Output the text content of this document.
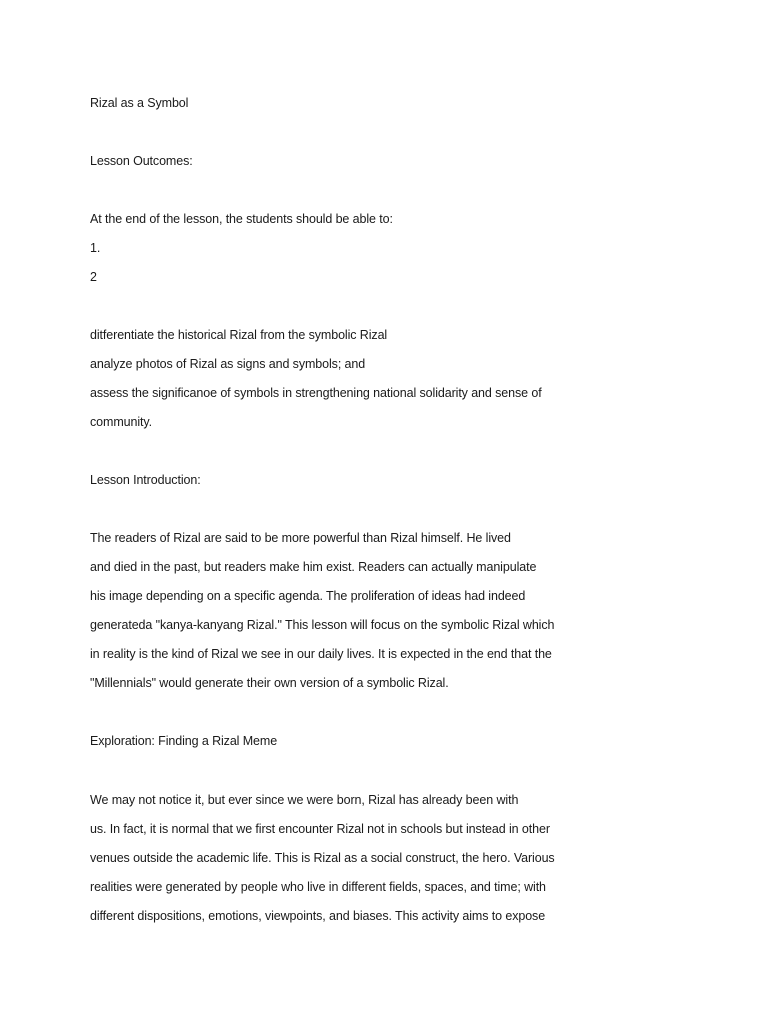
Rizal as a Symbol
Lesson Outcomes:
At the end of the lesson, the students should be able to:
1.
2
ditferentiate the historical Rizal from the symbolic Rizal
analyze photos of Rizal as signs and symbols; and
assess the significanoe of symbols in strengthening national solidarity and sense of
community.
Lesson Introduction:
The readers of Rizal are said to be more powerful than Rizal himself. He lived
and died in the past, but readers make him exist. Readers can actually manipulate
his image depending on a specific agenda. The proliferation of ideas had indeed
generateda "kanya-kanyang Rizal." This lesson will focus on the symbolic Rizal which
in reality is the kind of Rizal we see in our daily lives. It is expected in the end that the
"Millennials" would generate their own version of a symbolic Rizal.
Exploration: Finding a Rizal Meme
We may not notice it, but ever since we were born, Rizal has already been with
us. In fact, it is normal that we first encounter Rizal not in schools but instead in other
venues outside the academic life. This is Rizal as a social construct, the hero. Various
realities were generated by people who live in different fields, spaces, and time; with
different dispositions, emotions, viewpoints, and biases. This activity aims to expose
